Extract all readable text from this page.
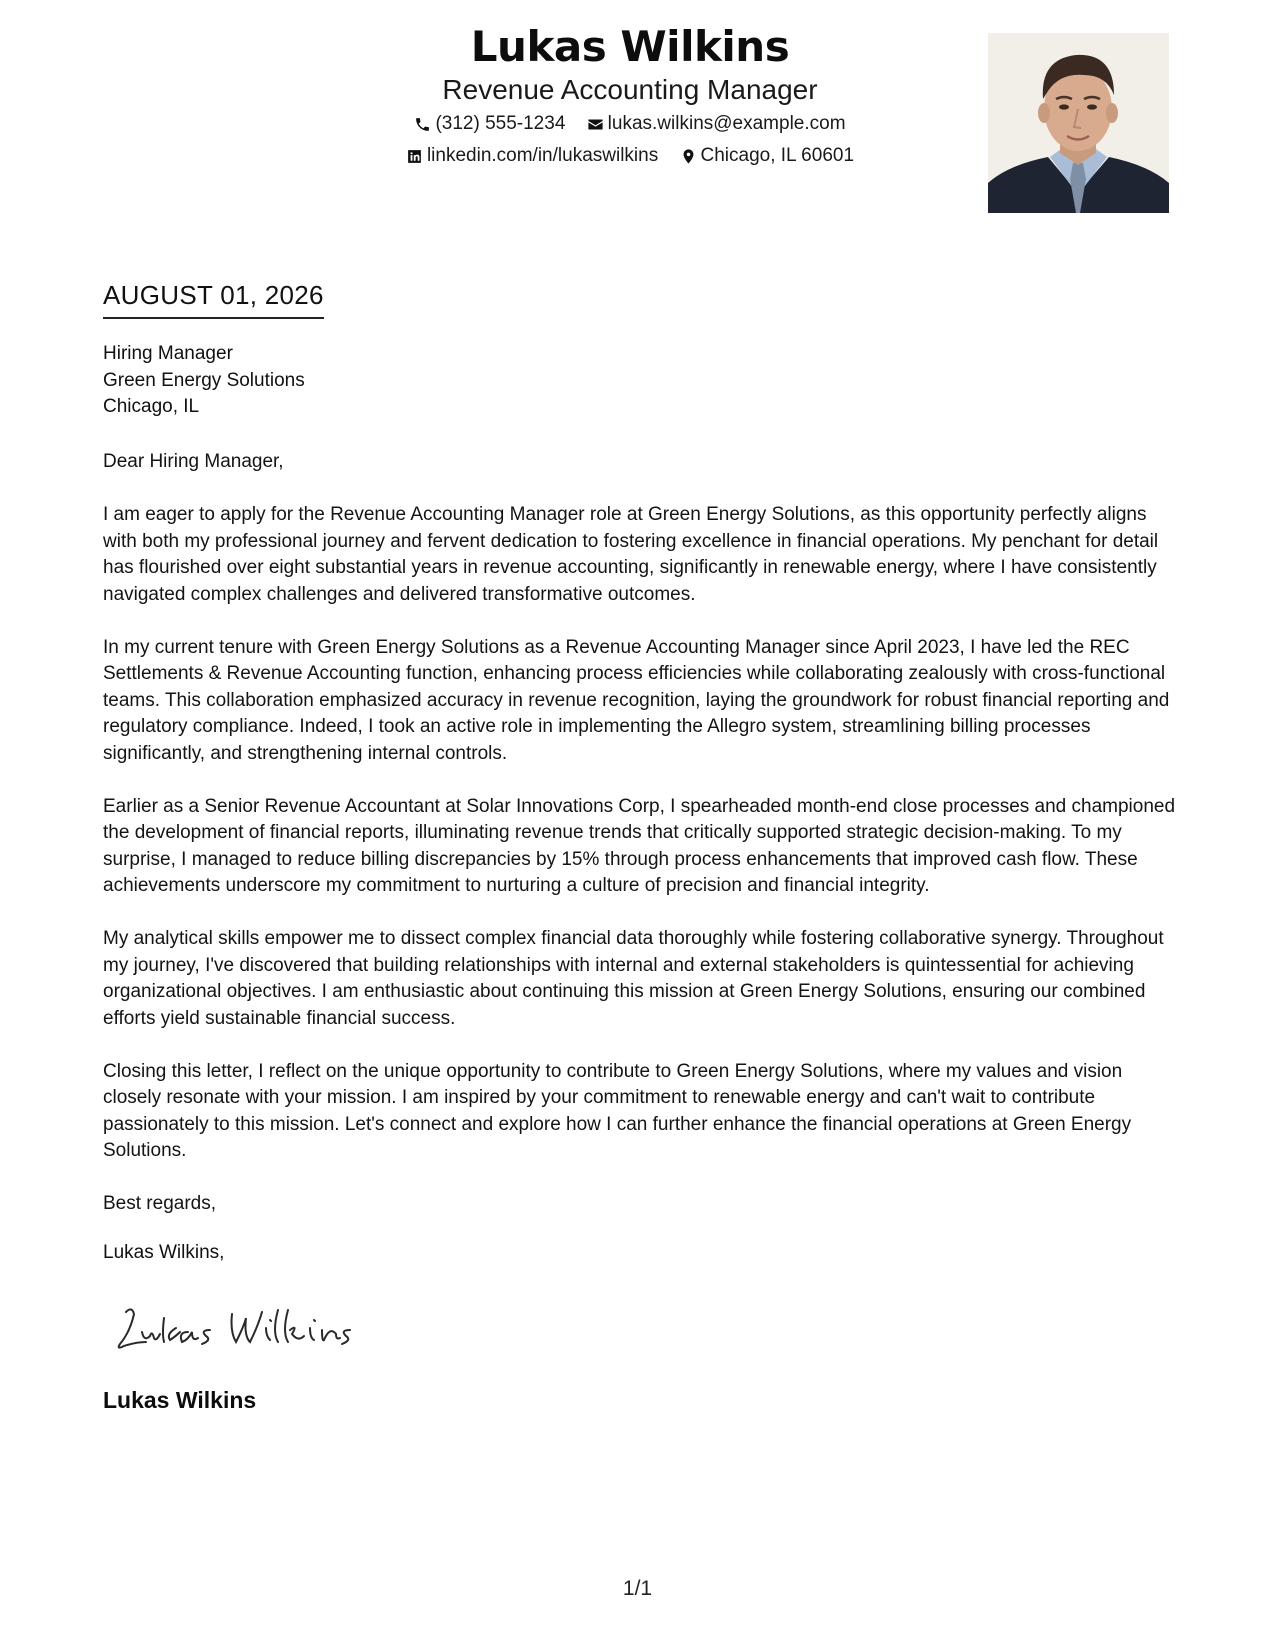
Lukas Wilkins
Revenue Accounting Manager
(312) 555-1234
lukas.wilkins@example.com
linkedin.com/in/lukaswilkins
Chicago, IL 60601
AUGUST 01, 2026
Hiring Manager
Green Energy Solutions
Chicago, IL

Dear Hiring Manager,

I am eager to apply for the Revenue Accounting Manager role at Green Energy Solutions, as this opportunity perfectly aligns with both my professional journey and fervent dedication to fostering excellence in financial operations. My penchant for detail has flourished over eight substantial years in revenue accounting, significantly in renewable energy, where I have consistently navigated complex challenges and delivered transformative outcomes.

In my current tenure with Green Energy Solutions as a Revenue Accounting Manager since April 2023, I have led the REC Settlements & Revenue Accounting function, enhancing process efficiencies while collaborating zealously with cross-functional teams. This collaboration emphasized accuracy in revenue recognition, laying the groundwork for robust financial reporting and regulatory compliance. Indeed, I took an active role in implementing the Allegro system, streamlining billing processes significantly, and strengthening internal controls.

Earlier as a Senior Revenue Accountant at Solar Innovations Corp, I spearheaded month-end close processes and championed the development of financial reports, illuminating revenue trends that critically supported strategic decision-making. To my surprise, I managed to reduce billing discrepancies by 15% through process enhancements that improved cash flow. These achievements underscore my commitment to nurturing a culture of precision and financial integrity.

My analytical skills empower me to dissect complex financial data thoroughly while fostering collaborative synergy. Throughout my journey, I've discovered that building relationships with internal and external stakeholders is quintessential for achieving organizational objectives. I am enthusiastic about continuing this mission at Green Energy Solutions, ensuring our combined efforts yield sustainable financial success.

Closing this letter, I reflect on the unique opportunity to contribute to Green Energy Solutions, where my values and vision closely resonate with your mission. I am inspired by your commitment to renewable energy and can't wait to contribute passionately to this mission. Let's connect and explore how I can further enhance the financial operations at Green Energy Solutions.

Best regards,

Lukas Wilkins,
Lukas Wilkins
1/1
